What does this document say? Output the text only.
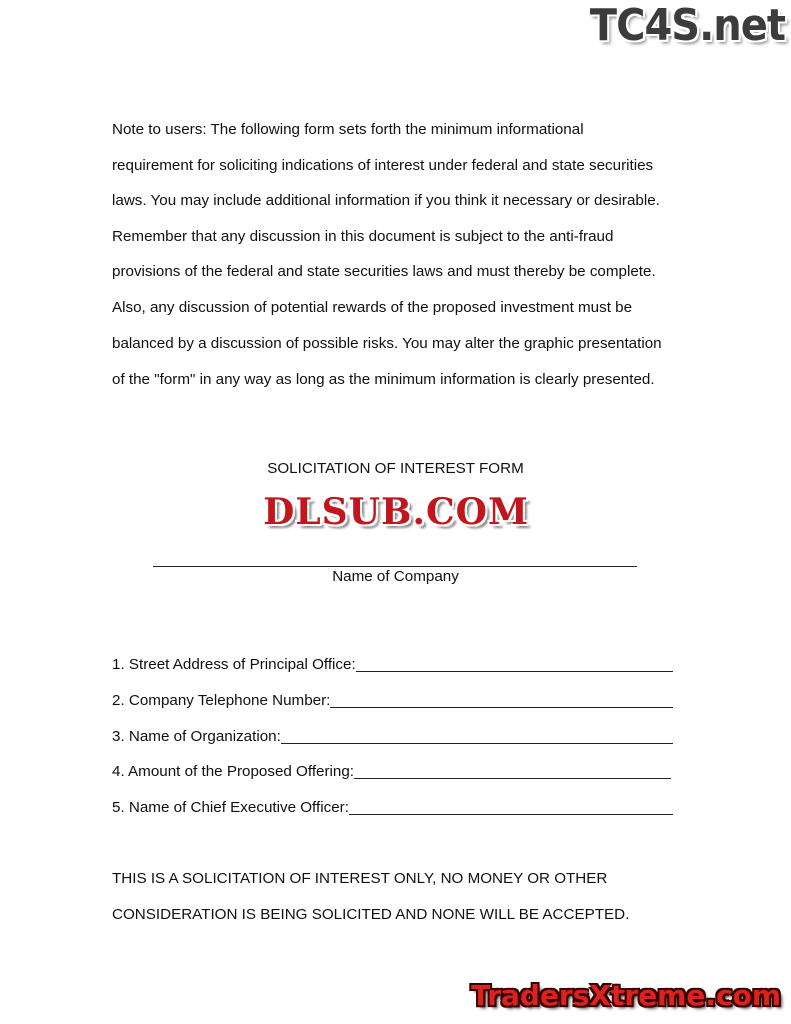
TC4S.net
Note to users: The following form sets forth the minimum informational
requirement for soliciting indications of interest under federal and state securities
laws. You may include additional information if you think it necessary or desirable.
Remember that any discussion in this document is subject to the anti-fraud
provisions of the federal and state securities laws and must thereby be complete.
Also, any discussion of potential rewards of the proposed investment must be
balanced by a discussion of possible risks. You may alter the graphic presentation
of the "form" in any way as long as the minimum information is clearly presented.
SOLICITATION OF INTEREST FORM
DLSUB.COM
Name of Company
1. Street Address of Principal Office:
2. Company Telephone Number:
3. Name of Organization:
4. Amount of the Proposed Offering:
5. Name of Chief Executive Officer:
THIS IS A SOLICITATION OF INTEREST ONLY, NO MONEY OR OTHER
CONSIDERATION IS BEING SOLICITED AND NONE WILL BE ACCEPTED.
TradersXtreme.com
